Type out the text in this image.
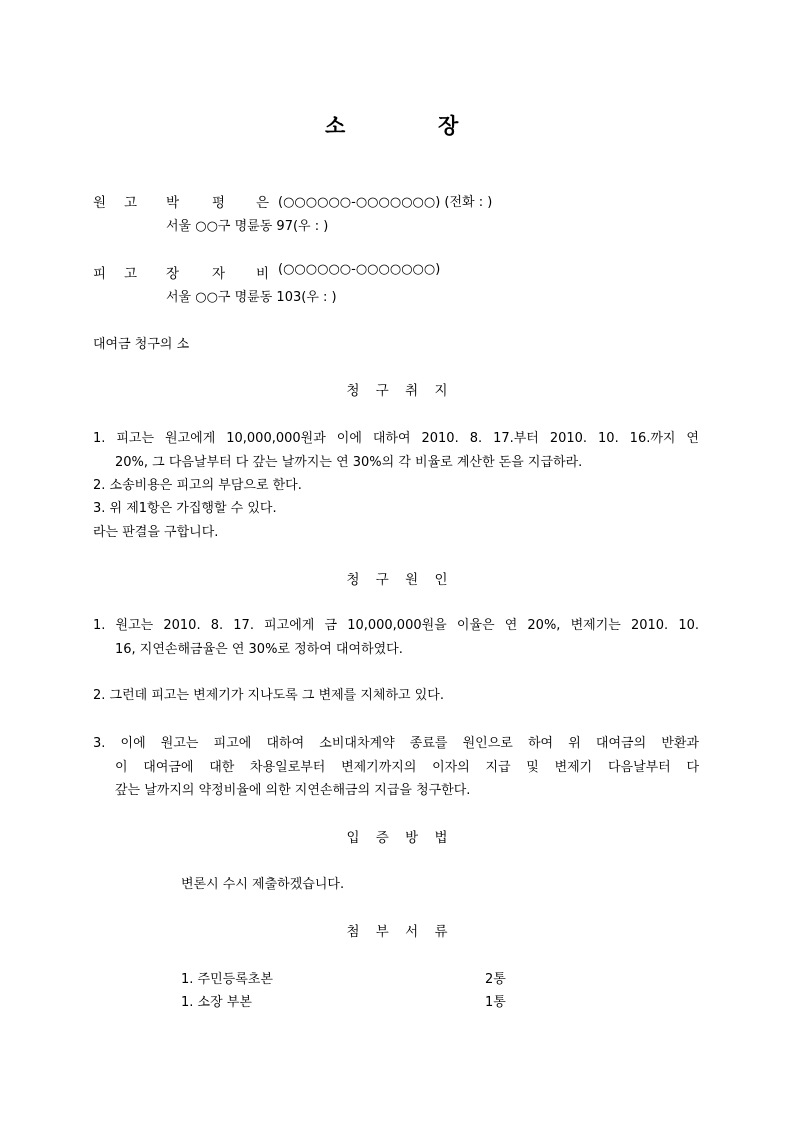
소	장
원 고 박 평 은 (○○○○○○-○○○○○○○) (전화 : )
서울 ○○구 명륜동 97(우 : )
피 고 장 자 비 (○○○○○○-○○○○○○○)
서울 ○○구 명륜동 103(우 : )
대여금 청구의 소
청 구 취 지
1. 피고는 원고에게 10,000,000원과 이에 대하여 2010. 8. 17.부터 2010. 10. 16.까지 연
20%, 그 다음날부터 다 갚는 날까지는 연 30%의 각 비율로 계산한 돈을 지급하라.
2. 소송비용은 피고의 부담으로 한다.
3. 위 제1항은 가집행할 수 있다.
라는 판결을 구합니다.
청 구 원 인
1. 원고는 2010. 8. 17. 피고에게 금 10,000,000원을 이율은 연 20%, 변제기는 2010. 10.
16, 지연손해금율은 연 30%로 정하여 대여하였다.
2. 그런데 피고는 변제기가 지나도록 그 변제를 지체하고 있다.
3. 이에 원고는 피고에 대하여 소비대차계약 종료를 원인으로 하여 위 대여금의 반환과
이 대여금에 대한 차용일로부터 변제기까지의 이자의 지급 및 변제기 다음날부터 다
갚는 날까지의 약정비율에 의한 지연손해금의 지급을 청구한다.
입 증 방 법
변론시 수시 제출하겠습니다.
첨 부 서 류
1. 주민등록초본	2통
1. 소장 부본	1통
